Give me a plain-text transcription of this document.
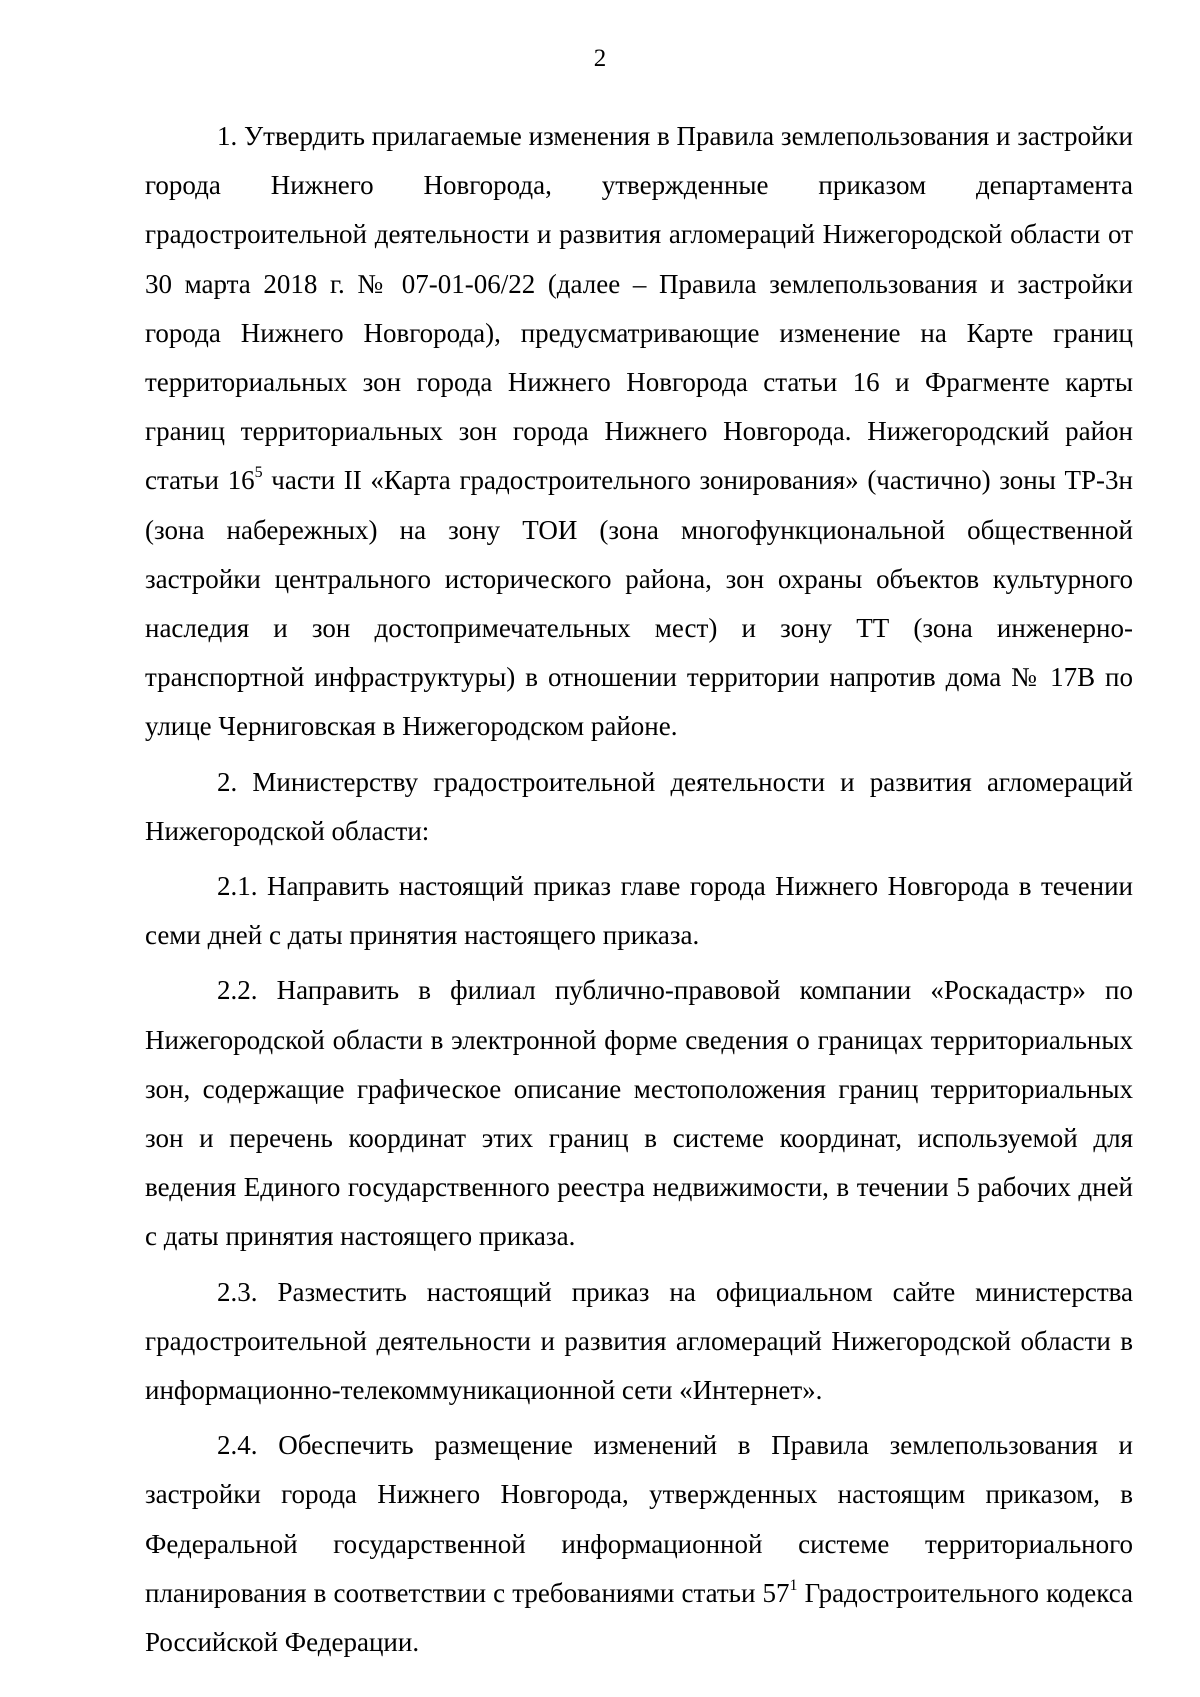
2

1. Утвердить прилагаемые изменения в Правила землепользования и застройки города Нижнего Новгорода, утвержденные приказом департамента градостроительной деятельности и развития агломераций Нижегородской области от 30 марта 2018 г. № 07-01-06/22 (далее – Правила землепользования и застройки города Нижнего Новгорода), предусматривающие изменение на Карте границ территориальных зон города Нижнего Новгорода статьи 16 и Фрагменте карты границ территориальных зон города Нижнего Новгорода. Нижегородский район статьи $16^5$ части II «Карта градостроительного зонирования» (частично) зоны ТР-3н (зона набережных) на зону ТОИ (зона многофункциональной общественной застройки центрального исторического района, зон охраны объектов культурного наследия и зон достопримечательных мест) и зону ТТ (зона инженерно-транспортной инфраструктуры) в отношении территории напротив дома № 17В по улице Черниговская в Нижегородском районе.

2. Министерству градостроительной деятельности и развития агломераций Нижегородской области:

2.1. Направить настоящий приказ главе города Нижнего Новгорода в течении семи дней с даты принятия настоящего приказа.

2.2. Направить в филиал публично-правовой компании «Роскадастр» по Нижегородской области в электронной форме сведения о границах территориальных зон, содержащие графическое описание местоположения границ территориальных зон и перечень координат этих границ в системе координат, используемой для ведения Единого государственного реестра недвижимости, в течении 5 рабочих дней с даты принятия настоящего приказа.

2.3. Разместить настоящий приказ на официальном сайте министерства градостроительной деятельности и развития агломераций Нижегородской области в информационно-телекоммуникационной сети «Интернет».

2.4. Обеспечить размещение изменений в Правила землепользования и застройки города Нижнего Новгорода, утвержденных настоящим приказом, в Федеральной государственной информационной системе территориального планирования в соответствии с требованиями статьи $57^1$ Градостроительного кодекса Российской Федерации.
